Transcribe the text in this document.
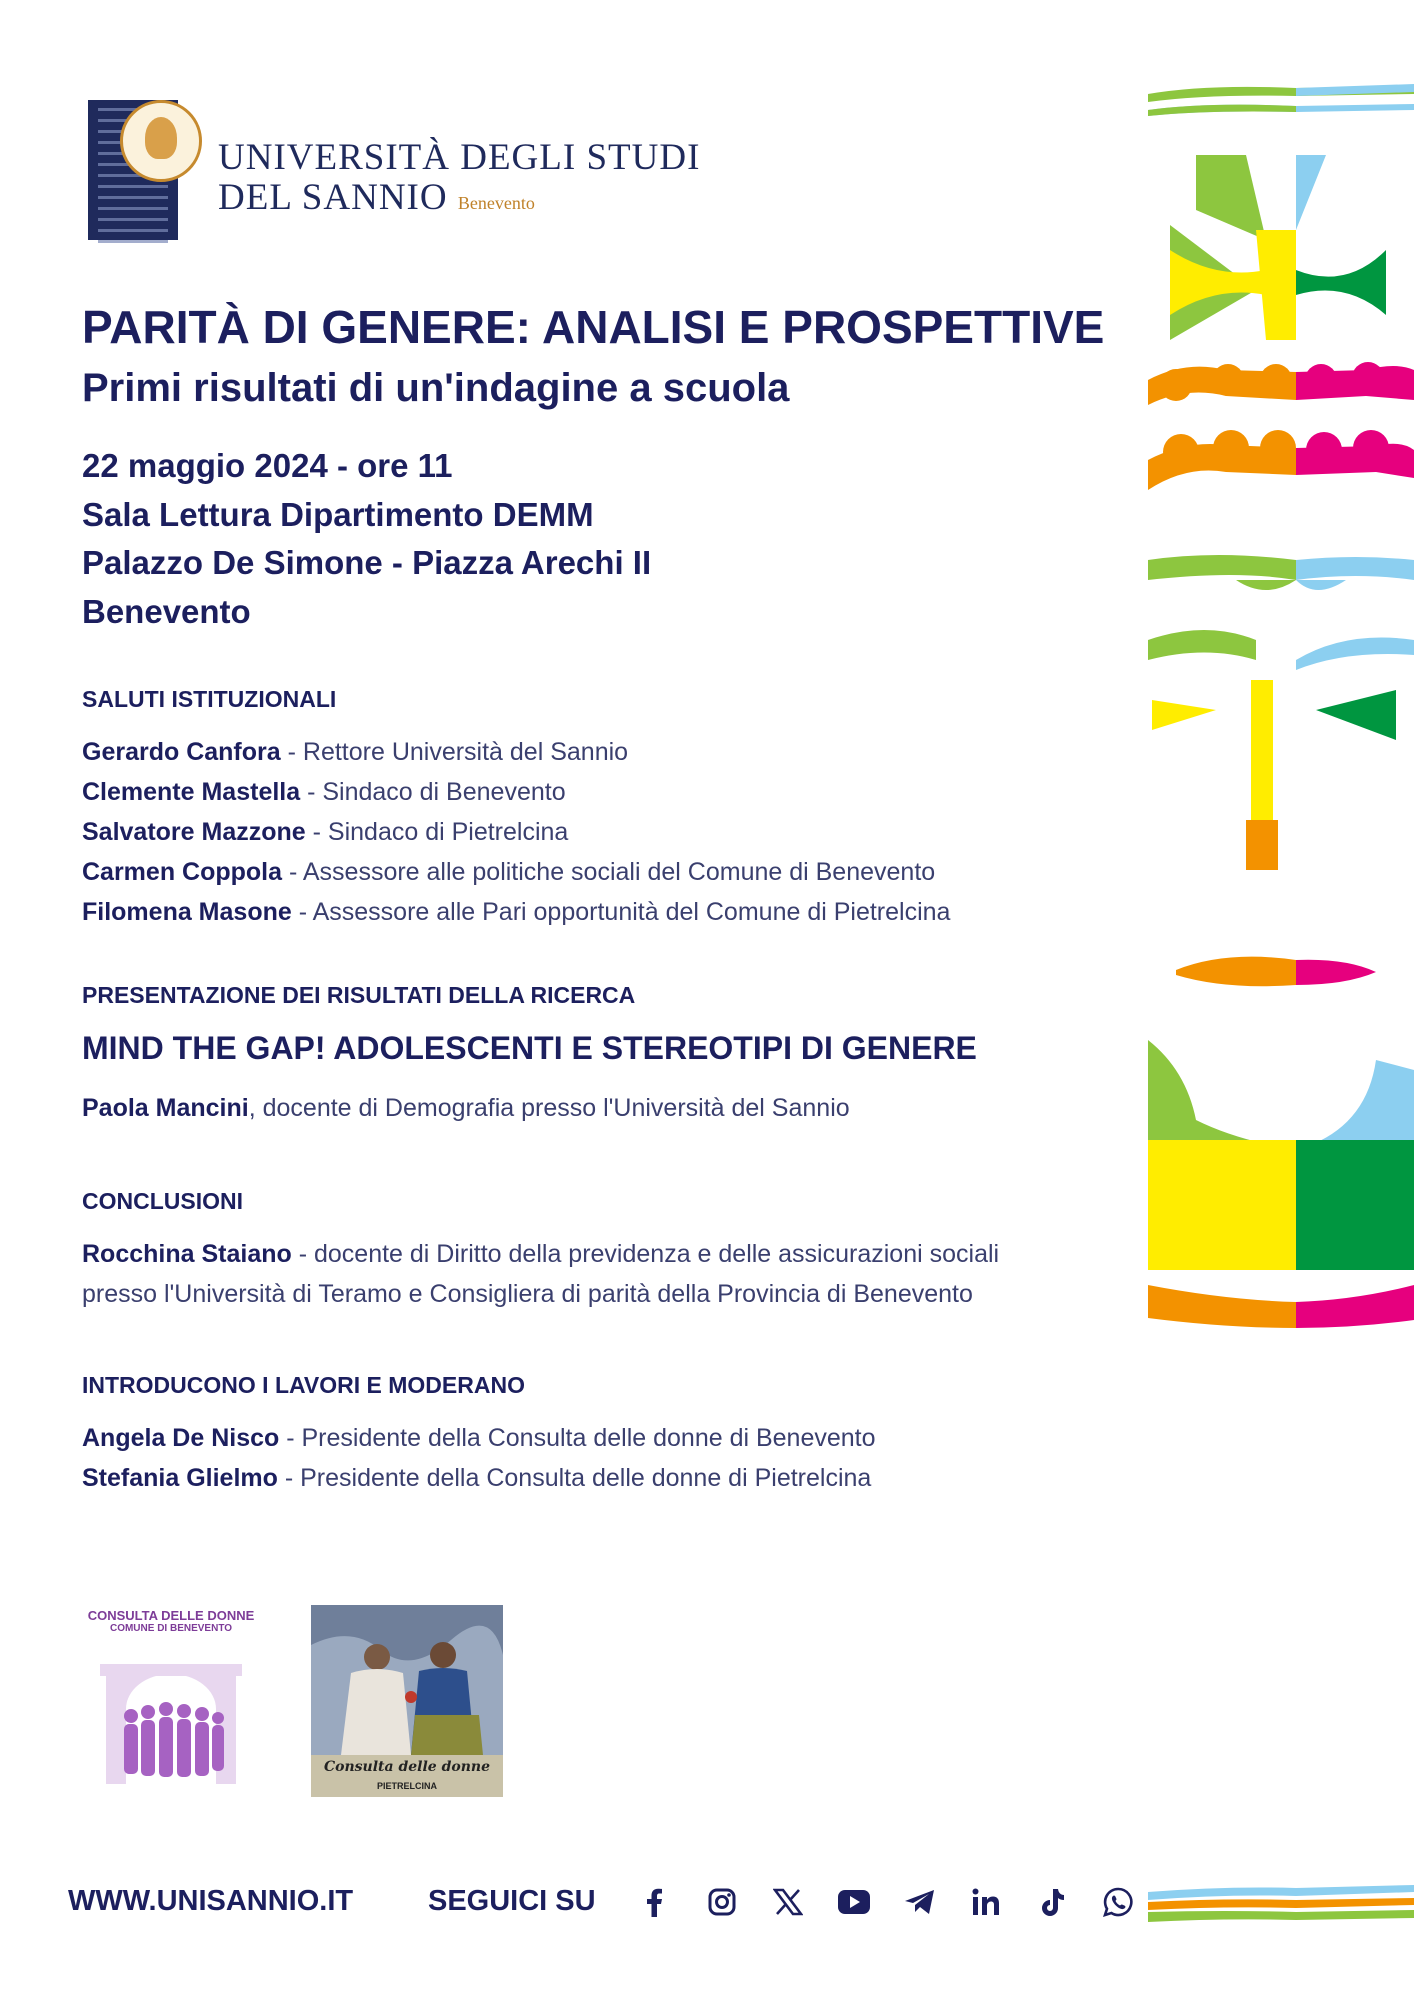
UNIVERSITÀ DEGLI STUDI
DEL SANNIO Benevento
PARITÀ DI GENERE: ANALISI E PROSPETTIVE
Primi risultati di un'indagine a scuola
22 maggio 2024 - ore 11
Sala Lettura Dipartimento DEMM
Palazzo De Simone - Piazza Arechi II
Benevento
SALUTI ISTITUZIONALI
Gerardo Canfora - Rettore Università del Sannio
Clemente Mastella - Sindaco di Benevento
Salvatore Mazzone - Sindaco di Pietrelcina
Carmen Coppola - Assessore alle politiche sociali del Comune di Benevento
Filomena Masone - Assessore alle Pari opportunità del Comune di Pietrelcina
PRESENTAZIONE DEI RISULTATI DELLA RICERCA
MIND THE GAP! ADOLESCENTI E STEREOTIPI DI GENERE
Paola Mancini, docente di Demografia presso l'Università del Sannio
CONCLUSIONI
Rocchina Staiano - docente di Diritto della previdenza e delle assicurazioni sociali
presso l'Università di Teramo e Consigliera di parità della Provincia di Benevento
INTRODUCONO I LAVORI E MODERANO
Angela De Nisco - Presidente della Consulta delle donne di Benevento
Stefania Glielmo - Presidente della Consulta delle donne di Pietrelcina
CONSULTA DELLE DONNE
COMUNE DI BENEVENTO
Consulta delle donne
PIETRELCINA
WWW.UNISANNIO.IT	SEGUICI SU
